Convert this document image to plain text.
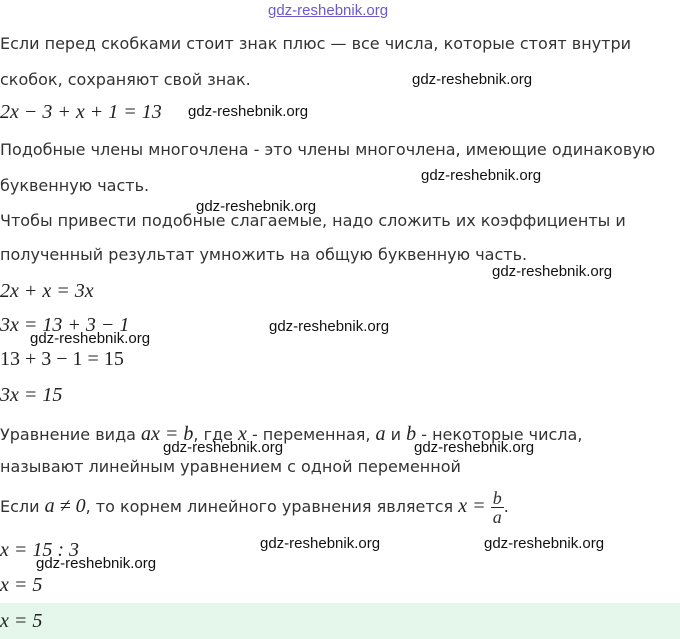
gdz-reshebnik.org
Если перед скобками стоит знак плюс — все числа, которые стоят внутри
скобок, сохраняют свой знак.	gdz-reshebnik.org
2x − 3 + x + 1 = 13 gdz-reshebnik.org
Подобные члены многочлена - это члены многочлена, имеющие одинаковую
буквенную часть.
gdz-reshebnik.org
gdz-reshebnik.org
Чтобы привести подобные слагаемые, надо сложить их коэффициенты и
полученный результат умножить на общую буквенную часть.
gdz-reshebnik.org
2x + x = 3x
3x = 13 + 3 − 1	gdz-reshebnik.org
gdz-reshebnik.org
13 + 3 − 1 = 15
3x = 15
Уравнение вида ax = b, где x - переменная, a и b - некоторые числа,
gdz-reshebnik.org	gdz-reshebnik.org
называют линейным уравнением с одной переменной
Если a ≠ 0, то корнем линейного уравнения является $x = \frac{b}{a}$ .
x = 15 : 3	gdz-reshebnik.org	gdz-reshebnik.org
gdz-reshebnik.org
x = 5
x = 5
